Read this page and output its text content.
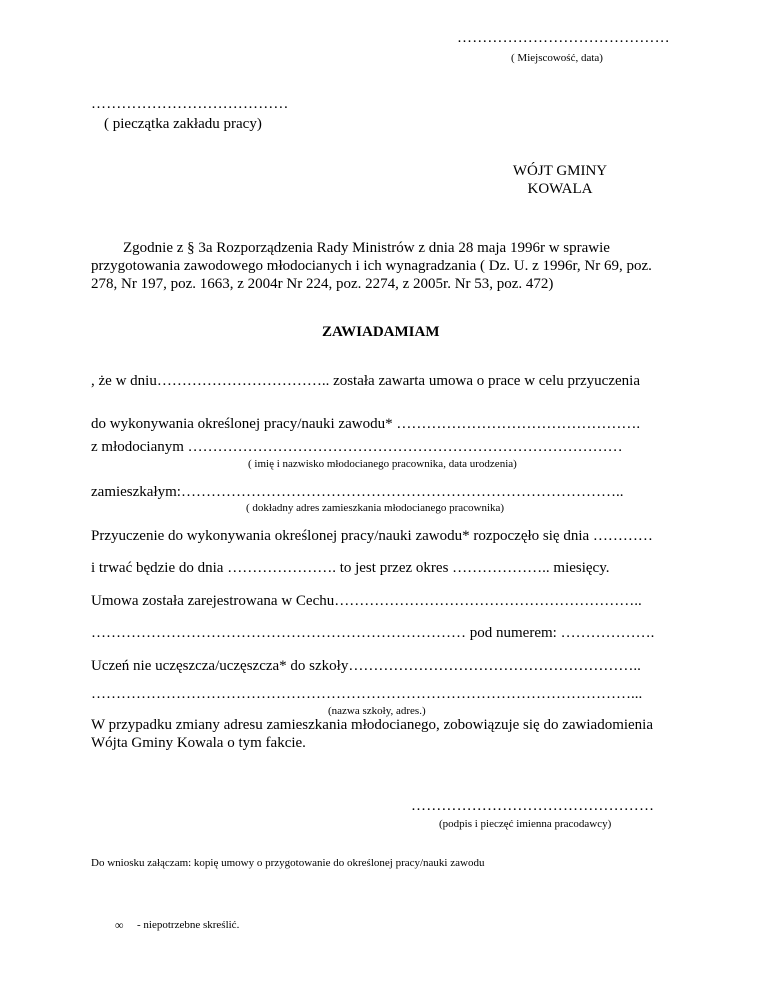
……………………………………
( Miejscowość, data)
…………………………………
( pieczątka zakładu pracy)
WÓJT GMINY
KOWALA
Zgodnie z § 3a Rozporządzenia Rady Ministrów z dnia 28 maja 1996r w sprawie
przygotowania zawodowego młodocianych i ich wynagradzania ( Dz. U. z 1996r, Nr 69, poz.
278, Nr 197, poz. 1663, z 2004r Nr 224, poz. 2274, z 2005r. Nr 53, poz. 472)
ZAWIADAMIAM
, że w dniu…………………………….. została zawarta umowa o prace w celu przyuczenia
do wykonywania określonej pracy/nauki zawodu* ………………………………………….
z młodocianym ……………………………………………………………………………
( imię i nazwisko młodocianego pracownika, data urodzenia)
zamieszkałym:……………………………………………………………………………..
( dokładny adres zamieszkania młodocianego pracownika)
Przyuczenie do wykonywania określonej pracy/nauki zawodu* rozpoczęło się dnia …………
i trwać będzie do dnia …………………. to jest przez okres ……………….. miesięcy.
Umowa została zarejestrowana w Cechu……………………………………………………..
………………………………………………………………… pod numerem: ……………….
Uczeń nie uczęszcza/uczęszcza* do szkoły…………………………………………………..
………………………………………………………………………………………………...
(nazwa szkoły, adres.)
W przypadku zmiany adresu zamieszkania młodocianego, zobowiązuje się do zawiadomienia
Wójta Gminy Kowala o tym fakcie.
…………………………………………
(podpis i pieczęć imienna pracodawcy)
Do wniosku załączam: kopię umowy o przygotowanie do określonej pracy/nauki zawodu
∞ - niepotrzebne skreślić.
